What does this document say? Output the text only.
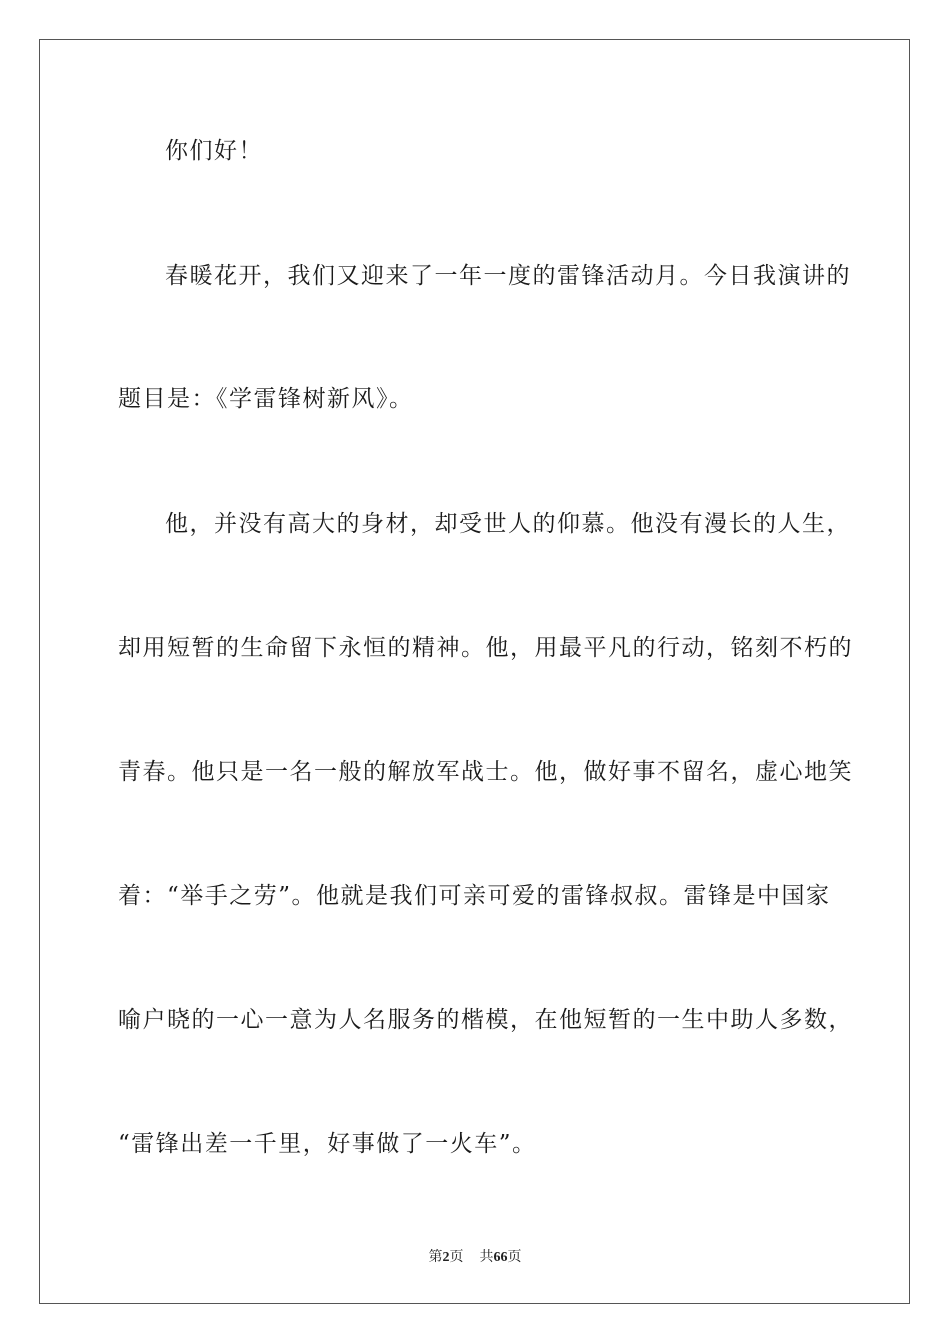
你们好！
春暖花开，我们又迎来了一年一度的雷锋活动月。今日我演讲的
题目是：《学雷锋树新风》。
他，并没有高大的身材，却受世人的仰慕。他没有漫长的人生，
却用短暂的生命留下永恒的精神。他，用最平凡的行动，铭刻不朽的
青春。他只是一名一般的解放军战士。他，做好事不留名，虚心地笑
着：“举手之劳”。他就是我们可亲可爱的雷锋叔叔。雷锋是中国家
喻户晓的一心一意为人名服务的楷模，在他短暂的一生中助人多数，
“雷锋出差一千里，好事做了一火车”。
第2页 共66页
